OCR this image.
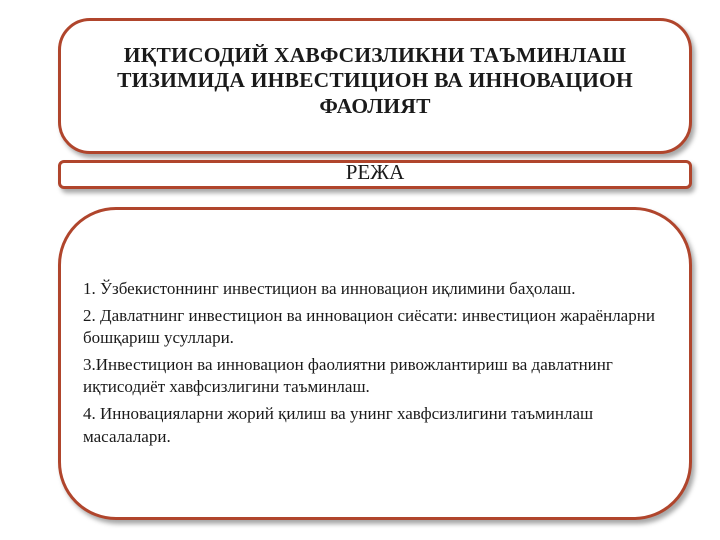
ИҚТИСОДИЙ ХАВФСИЗЛИКНИ ТАЪМИНЛАШ ТИЗИМИДА ИНВЕСТИЦИОН ВА ИННОВАЦИОН ФАОЛИЯТ
РЕЖА
1. Ўзбекистоннинг инвестицион ва инновацион иқлимини баҳолаш.
2. Давлатнинг инвестицион ва инновацион сиёсати: инвестицион жараёнларни бошқариш усуллари.
3.Инвестицион ва инновацион фаолиятни ривожлантириш ва давлатнинг иқтисодиёт хавфсизлигини таъминлаш.
4. Инновацияларни жорий қилиш ва унинг хавфсизлигини таъминлаш масалалари.
